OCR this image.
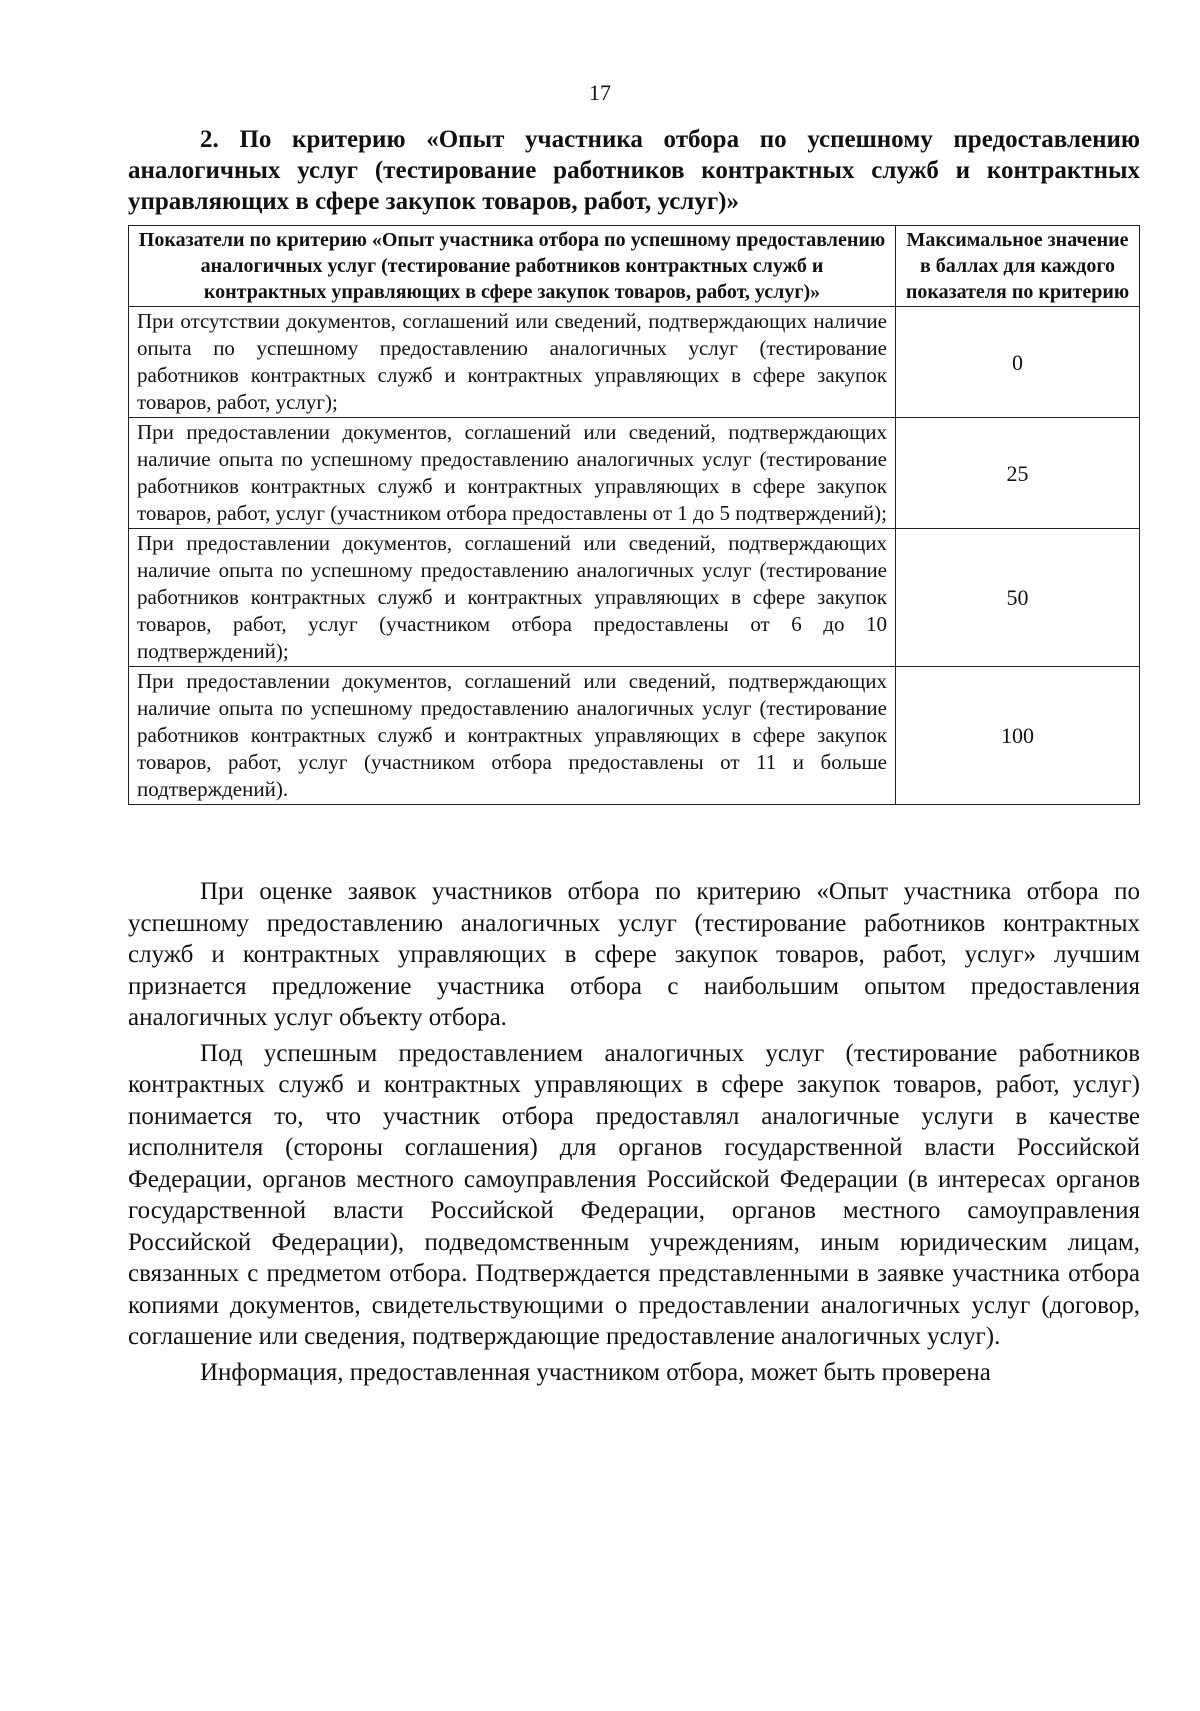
17
2. По критерию «Опыт участника отбора по успешному предоставлению аналогичных услуг (тестирование работников контрактных служб и контрактных управляющих в сфере закупок товаров, работ, услуг)»
Показатели по критерию «Опыт участника отбора по успешному предоставлению аналогичных услуг (тестирование работников контрактных служб и контрактных управляющих в сфере закупок товаров, работ, услуг)»	Максимальное значение в баллах для каждого показателя по критерию
При отсутствии документов, соглашений или сведений, подтверждающих наличие опыта по успешному предоставлению аналогичных услуг (тестирование работников контрактных служб и контрактных управляющих в сфере закупок товаров, работ, услуг);	0
При предоставлении документов, соглашений или сведений, подтверждающих наличие опыта по успешному предоставлению аналогичных услуг (тестирование работников контрактных служб и контрактных управляющих в сфере закупок товаров, работ, услуг (участником отбора предоставлены от 1 до 5 подтверждений);	25
При предоставлении документов, соглашений или сведений, подтверждающих наличие опыта по успешному предоставлению аналогичных услуг (тестирование работников контрактных служб и контрактных управляющих в сфере закупок товаров, работ, услуг (участником отбора предоставлены от 6 до 10 подтверждений);	50
При предоставлении документов, соглашений или сведений, подтверждающих наличие опыта по успешному предоставлению аналогичных услуг (тестирование работников контрактных служб и контрактных управляющих в сфере закупок товаров, работ, услуг (участником отбора предоставлены от 11 и больше подтверждений).	100

При оценке заявок участников отбора по критерию «Опыт участника отбора по успешному предоставлению аналогичных услуг (тестирование работников контрактных служб и контрактных управляющих в сфере закупок товаров, работ, услуг» лучшим признается предложение участника отбора с наибольшим опытом предоставления аналогичных услуг объекту отбора.

Под успешным предоставлением аналогичных услуг (тестирование работников контрактных служб и контрактных управляющих в сфере закупок товаров, работ, услуг) понимается то, что участник отбора предоставлял аналогичные услуги в качестве исполнителя (стороны соглашения) для органов государственной власти Российской Федерации, органов местного самоуправления Российской Федерации (в интересах органов государственной власти Российской Федерации, органов местного самоуправления Российской Федерации), подведомственным учреждениям, иным юридическим лицам, связанных с предметом отбора. Подтверждается представленными в заявке участника отбора копиями документов, свидетельствующими о предоставлении аналогичных услуг (договор, соглашение или сведения, подтверждающие предоставление аналогичных услуг).

Информация, предоставленная участником отбора, может быть проверена
